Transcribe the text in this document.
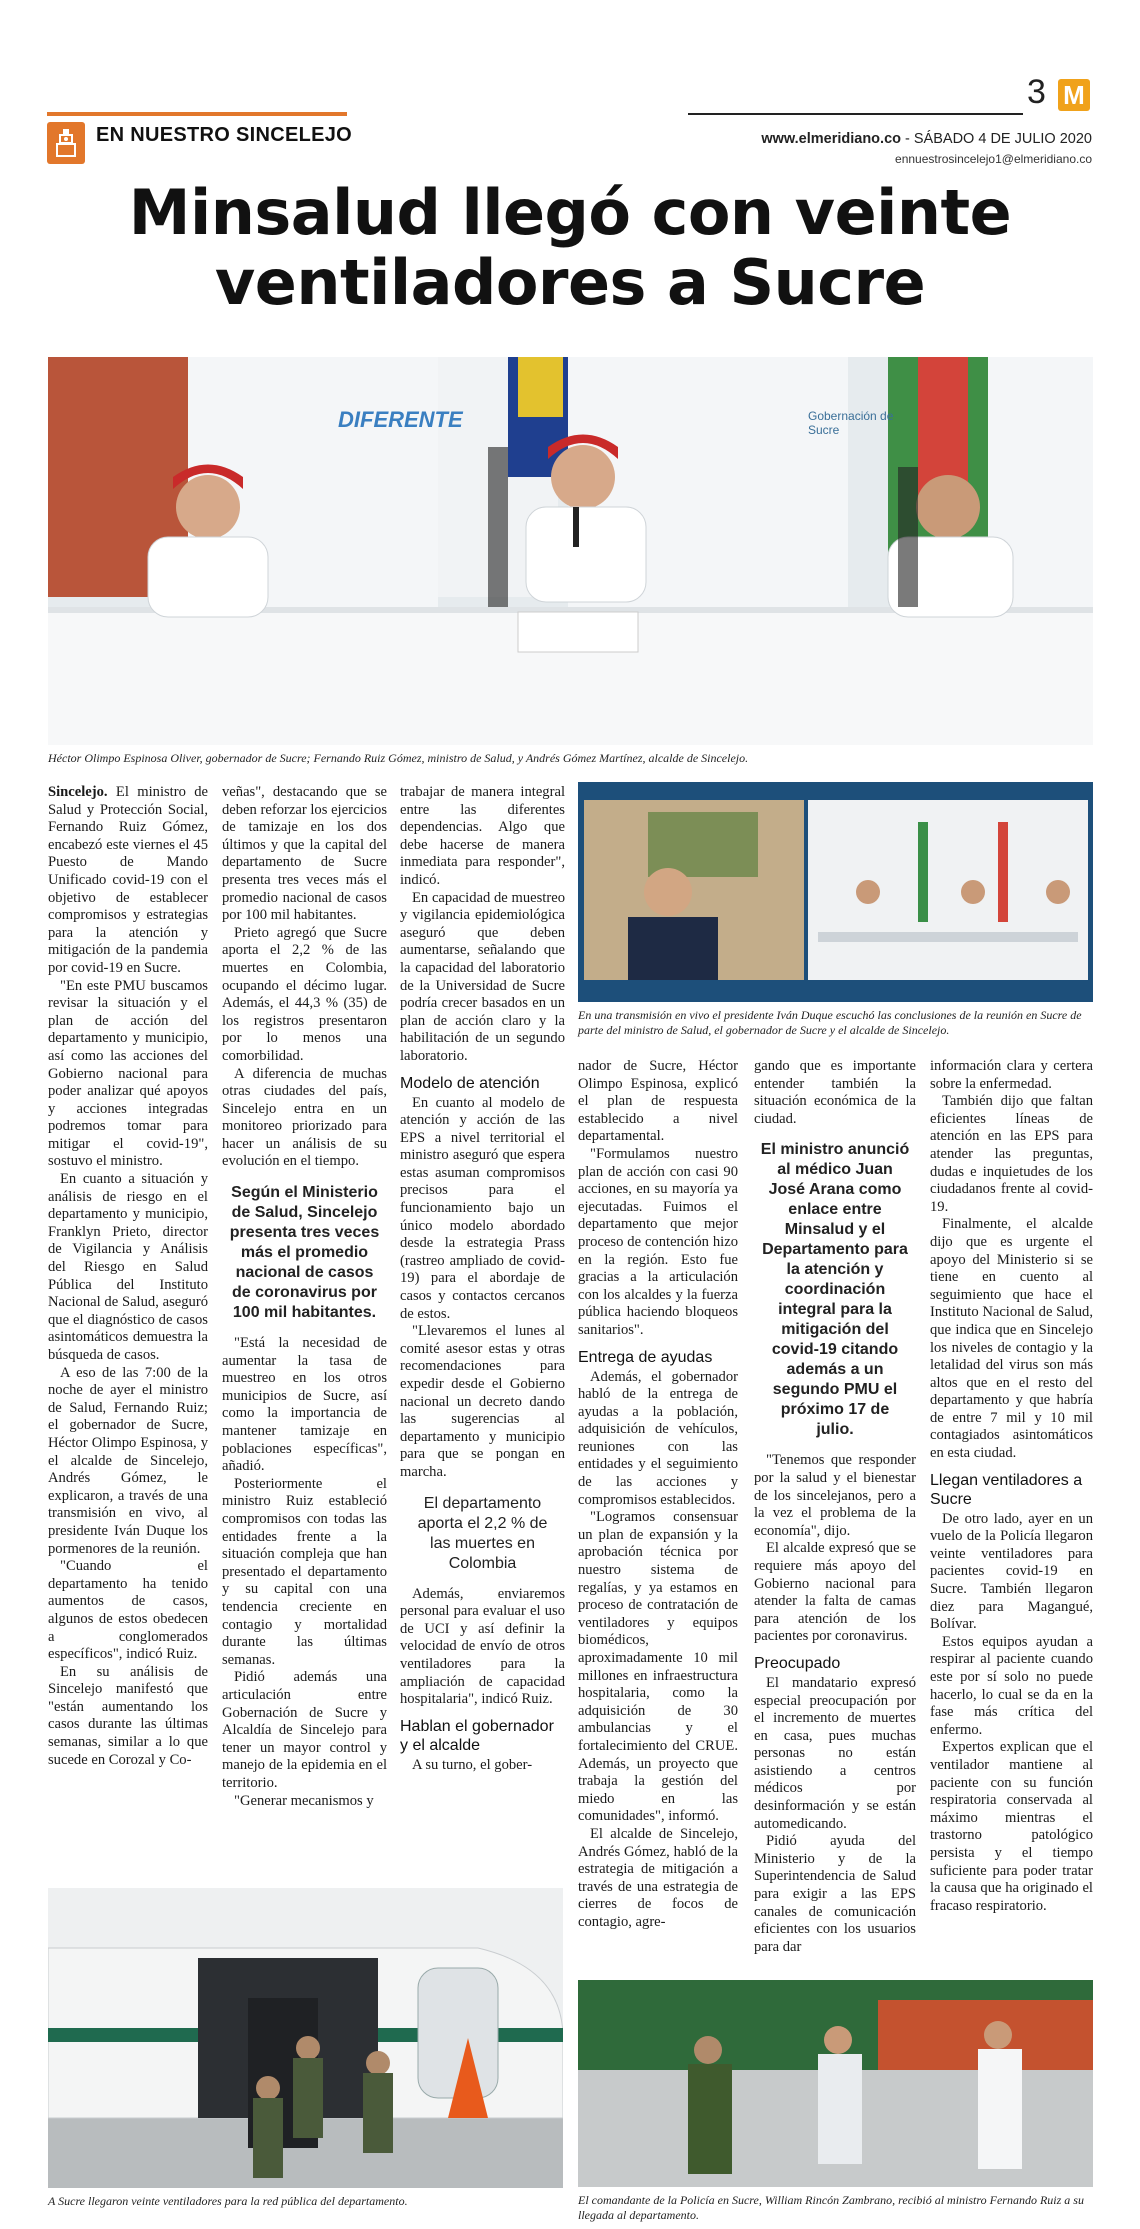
EN NUESTRO SINCELEJO
3 M
www.elmeridiano.co - SÁBADO 4 DE JULIO 2020
ennuestrosincelejo1@elmeridiano.co
Minsalud llegó con veinte ventiladores a Sucre
DIFERENTE	Gobernación de Sucre
Héctor Olimpo Espinosa Oliver, gobernador de Sucre; Fernando Ruiz Gómez, ministro de Salud, y Andrés Gómez Martínez, alcalde de Sincelejo.
En una transmisión en vivo el presidente Iván Duque escuchó las conclusiones de la reunión en Sucre de parte del ministro de Salud, el gobernador de Sucre y el alcalde de Sincelejo.

Sincelejo. El ministro de Salud y Protección Social, Fernando Ruiz Gómez, encabezó este viernes el 45 Puesto de Mando Unificado covid-19 con el objetivo de establecer compromisos y estrategias para la atención y mitigación de la pandemia por covid-19 en Sucre.

"En este PMU buscamos revisar la situación y el plan de acción del departamento y municipio, así como las acciones del Gobierno nacional para poder analizar qué apoyos y acciones integradas podremos tomar para mitigar el covid-19", sostuvo el ministro.

En cuanto a situación y análisis de riesgo en el departamento y municipio, Franklyn Prieto, director de Vigilancia y Análisis del Riesgo en Salud Pública del Instituto Nacional de Salud, aseguró que el diagnóstico de casos asintomáticos demuestra la búsqueda de casos.

A eso de las 7:00 de la noche de ayer el ministro de Salud, Fernando Ruiz; el gobernador de Sucre, Héctor Olimpo Espinosa, y el alcalde de Sincelejo, Andrés Gómez, le explicaron, a través de una transmisión en vivo, al presidente Iván Duque los pormenores de la reunión.

"Cuando el departamento ha tenido aumentos de casos, algunos de estos obedecen a conglomerados específicos", indicó Ruiz.

En su análisis de Sincelejo manifestó que "están aumentando los casos durante las últimas semanas, similar a lo que sucede en Corozal y Co-

veñas", destacando que se deben reforzar los ejercicios de tamizaje en los dos últimos y que la capital del departamento de Sucre presenta tres veces más el promedio nacional de casos por 100 mil habitantes.

Prieto agregó que Sucre aporta el 2,2 % de las muertes en Colombia, ocupando el décimo lugar. Además, el 44,3 % (35) de los registros presentaron por lo menos una comorbilidad.

A diferencia de muchas otras ciudades del país, Sincelejo entra en un monitoreo priorizado para hacer un análisis de su evolución en el tiempo.

Según el Ministerio de Salud, Sincelejo presenta tres veces más el promedio nacional de casos de coronavirus por 100 mil habitantes.

"Está la necesidad de aumentar la tasa de muestreo en los otros municipios de Sucre, así como la importancia de mantener tamizaje en poblaciones específicas", añadió.

Posteriormente el ministro Ruiz estableció compromisos con todas las entidades frente a la situación compleja que han presentado el departamento y su capital con una tendencia creciente en contagio y mortalidad durante las últimas semanas.

Pidió además una articulación entre Gobernación de Sucre y Alcaldía de Sincelejo para tener un mayor control y manejo de la epidemia en el territorio.

"Generar mecanismos y

trabajar de manera integral entre las diferentes dependencias. Algo que debe hacerse de manera inmediata para responder", indicó.

En capacidad de muestreo y vigilancia epidemiológica aseguró que deben aumentarse, señalando que la capacidad del laboratorio de la Universidad de Sucre podría crecer basados en un plan de acción claro y la habilitación de un segundo laboratorio.

Modelo de atención

En cuanto al modelo de atención y acción de las EPS a nivel territorial el ministro aseguró que espera estas asuman compromisos precisos para el funcionamiento bajo un único modelo abordado desde la estrategia Prass (rastreo ampliado de covid-19) para el abordaje de casos y contactos cercanos de estos.

"Llevaremos el lunes al comité asesor estas y otras recomendaciones para expedir desde el Gobierno nacional un decreto dando las sugerencias al departamento y municipio para que se pongan en marcha.

El departamento aporta el 2,2 % de las muertes en Colombia

Además, enviaremos personal para evaluar el uso de UCI y así definir la velocidad de envío de otros ventiladores para la ampliación de capacidad hospitalaria", indicó Ruiz.

Hablan el gobernador y el alcalde

A su turno, el gober-

nador de Sucre, Héctor Olimpo Espinosa, explicó el plan de respuesta establecido a nivel departamental.

"Formulamos nuestro plan de acción con casi 90 acciones, en su mayoría ya ejecutadas. Fuimos el departamento que mejor proceso de contención hizo en la región. Esto fue gracias a la articulación con los alcaldes y la fuerza pública haciendo bloqueos sanitarios".

Entrega de ayudas

Además, el gobernador habló de la entrega de ayudas a la población, adquisición de vehículos, reuniones con las entidades y el seguimiento de las acciones y compromisos establecidos.

"Logramos consensuar un plan de expansión y la aprobación técnica por nuestro sistema de regalías, y ya estamos en proceso de contratación de ventiladores y equipos biomédicos, aproximadamente 10 mil millones en infraestructura hospitalaria, como la adquisición de 30 ambulancias y el fortalecimiento del CRUE. Además, un proyecto que trabaja la gestión del miedo en las comunidades", informó.

El alcalde de Sincelejo, Andrés Gómez, habló de la estrategia de mitigación a través de una estrategia de cierres de focos de contagio, agre-

gando que es importante entender también la situación económica de la ciudad.

El ministro anunció al médico Juan José Arana como enlace entre Minsalud y el Departamento para la atención y coordinación integral para la mitigación del covid-19 citando además a un segundo PMU el próximo 17 de julio.

"Tenemos que responder por la salud y el bienestar de los sincelejanos, pero a la vez el problema de la economía", dijo.

El alcalde expresó que se requiere más apoyo del Gobierno nacional para atender la falta de camas para atención de los pacientes por coronavirus.

Preocupado

El mandatario expresó especial preocupación por el incremento de muertes en casa, pues muchas personas no están asistiendo a centros médicos por desinformación y se están automedicando.

Pidió ayuda del Ministerio y de la Superintendencia de Salud para exigir a las EPS canales de comunicación eficientes con los usuarios para dar

información clara y certera sobre la enfermedad.

También dijo que faltan eficientes líneas de atención en las EPS para atender las preguntas, dudas e inquietudes de los ciudadanos frente al covid-19.

Finalmente, el alcalde dijo que es urgente el apoyo del Ministerio si se tiene en cuento al seguimiento que hace el Instituto Nacional de Salud, que indica que en Sincelejo los niveles de contagio y la letalidad del virus son más altos que en el resto del departamento y que habría de entre 7 mil y 10 mil contagiados asintomáticos en esta ciudad.

Llegan ventiladores a Sucre

De otro lado, ayer en un vuelo de la Policía llegaron veinte ventiladores para pacientes covid-19 en Sucre. También llegaron diez para Magangué, Bolívar.

Estos equipos ayudan a respirar al paciente cuando este por sí solo no puede hacerlo, lo cual se da en la fase más crítica del enfermo.

Expertos explican que el ventilador mantiene al paciente con su función respiratoria conservada al máximo mientras el trastorno patológico persista y el tiempo suficiente para poder tratar la causa que ha originado el fracaso respiratorio.

A Sucre llegaron veinte ventiladores para la red pública del departamento.	El comandante de la Policía en Sucre, William Rincón Zambrano, recibió al ministro Fernando Ruiz a su llegada al departamento.
